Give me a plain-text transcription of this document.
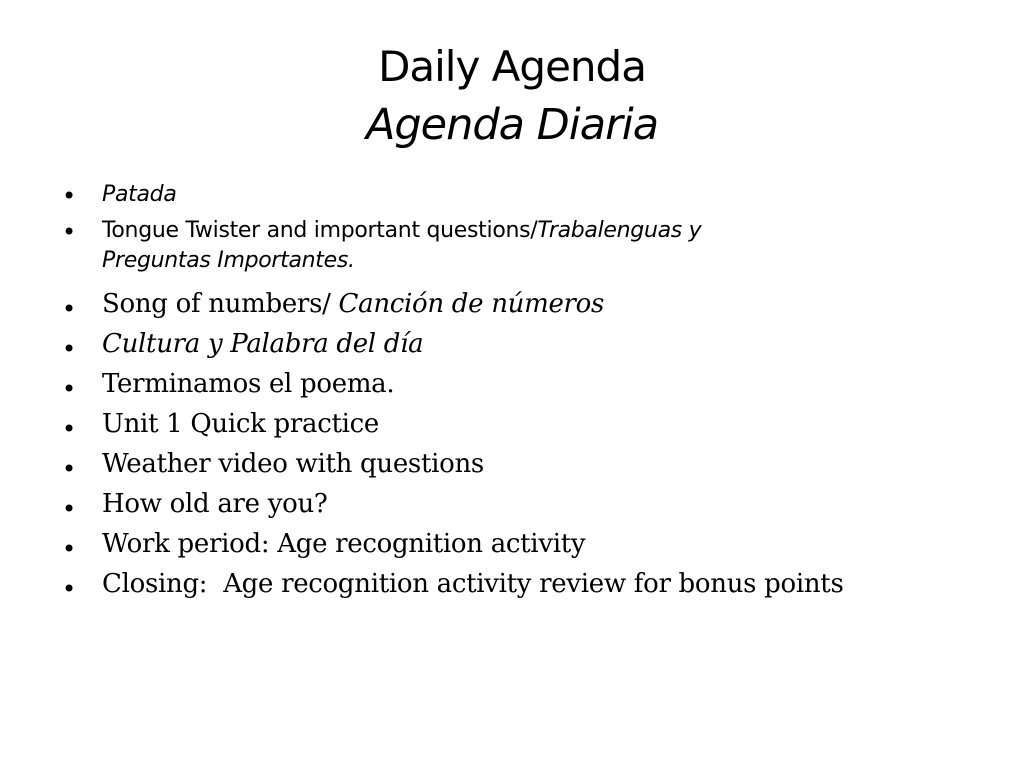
Daily Agenda
Agenda Diaria
• Patada
• Tongue Twister and important questions/Trabalenguas y
Preguntas Importantes.
• Song of numbers/ Canción de números
• Cultura y Palabra del día
• Terminamos el poema.
• Unit 1 Quick practice
• Weather video with questions
• How old are you?
• Work period: Age recognition activity
• Closing:  Age recognition activity review for bonus points
